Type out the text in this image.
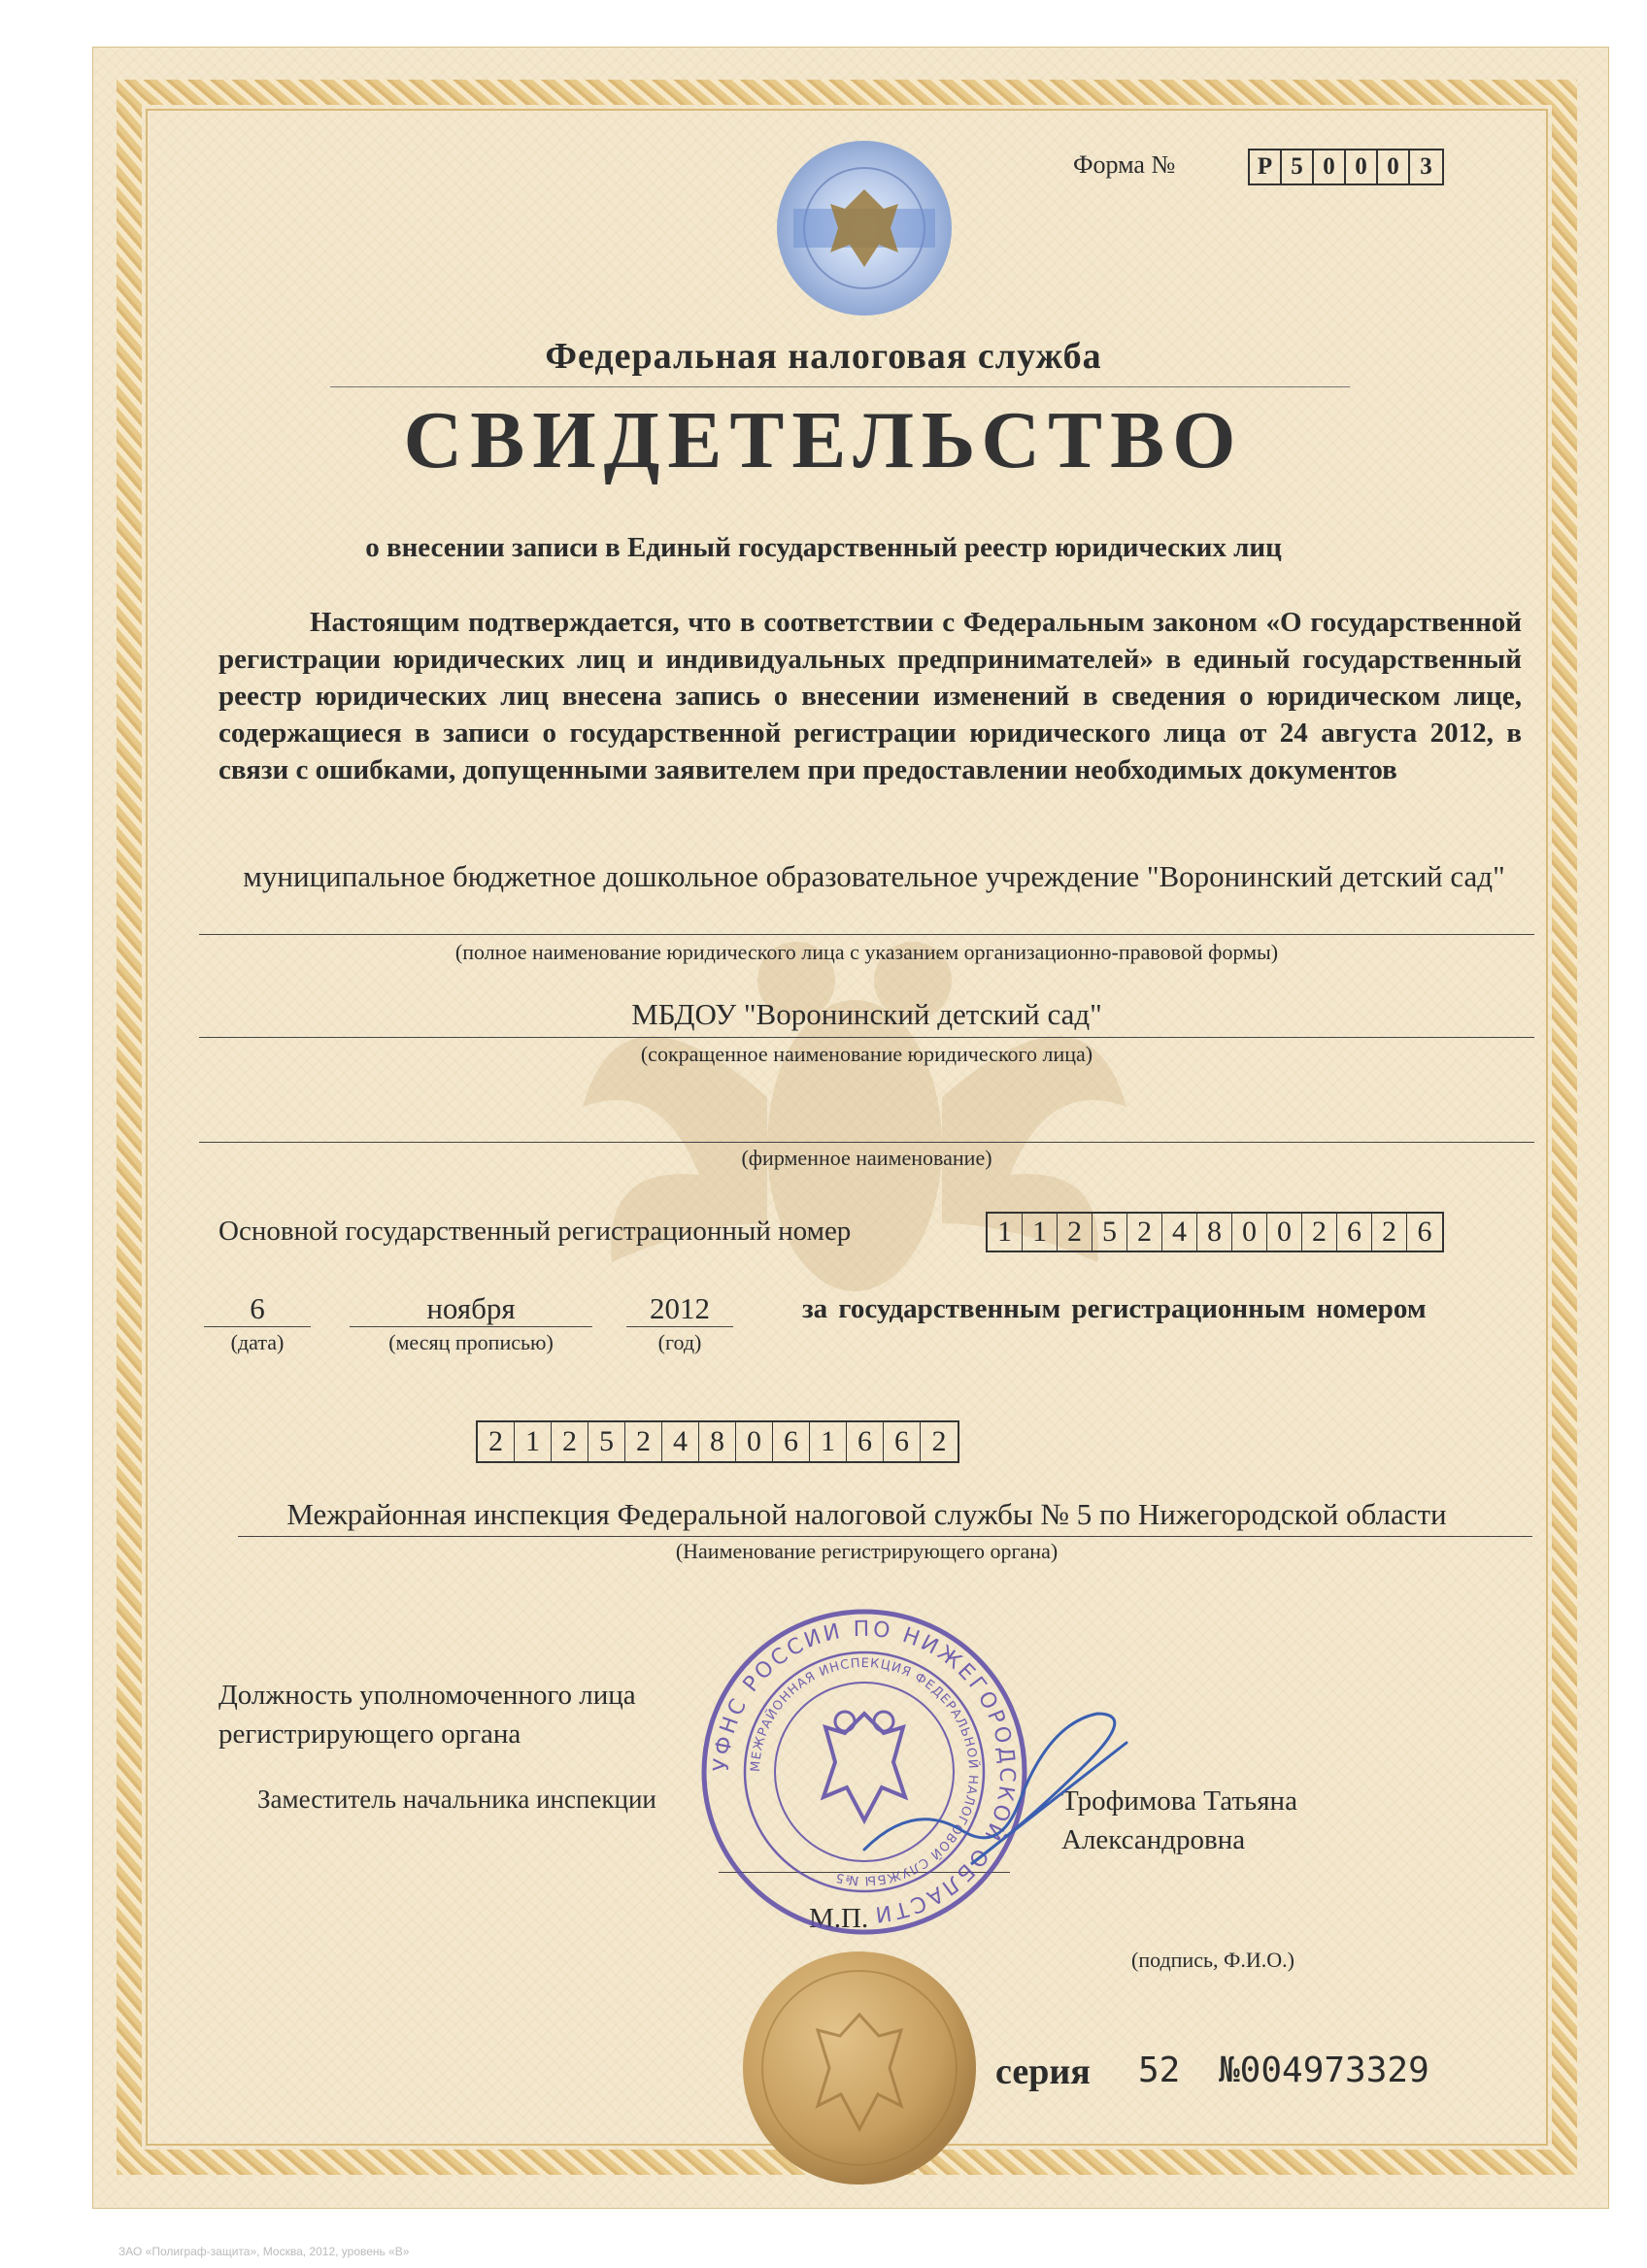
Форма №	Р 5 0 0 0 3
Федеральная налоговая служба
СВИДЕТЕЛЬСТВО
о внесении записи в Единый государственный реестр юридических лиц
Настоящим подтверждается, что в соответствии с Федеральным законом «О государственной регистрации юридических лиц и индивидуальных предпринимателей» в единый государственный реестр юридических лиц внесена запись о внесении изменений в сведения о юридическом лице, содержащиеся в записи о государственной регистрации юридического лица от 24 августа 2012, в связи с ошибками, допущенными заявителем при предоставлении необходимых документов
муниципальное бюджетное дошкольное образовательное учреждение "Воронинский детский сад"
(полное наименование юридического лица с указанием организационно-правовой формы)
МБДОУ "Воронинский детский сад"
(сокращенное наименование юридического лица)
(фирменное наименование)
Основной государственный регистрационный номер	1 1 2 5 2 4 8 0 0 2 6 2 6
6	ноября	2012
(дата)	(месяц прописью)	(год)
за государственным регистрационным номером
2 1 2 5 2 4 8 0 6 1 6 6 2
Межрайонная инспекция Федеральной налоговой службы № 5 по Нижегородской области
(Наименование регистрирующего органа)
Должность уполномоченного лица регистрирующего органа
Заместитель начальника инспекции	Трофимова Татьяна Александровна
М.П.
(подпись, Ф.И.О.)
УФНС РОССИИ ПО НИЖЕГОРОДСКОЙ ОБЛАСТИ
МЕЖРАЙОННАЯ ИНСПЕКЦИЯ ФЕДЕРАЛЬНОЙ НАЛОГОВОЙ СЛУЖБЫ №5
серия 52 №004973329
ЗАО «Полиграф-защита», Москва, 2012, уровень «В»
